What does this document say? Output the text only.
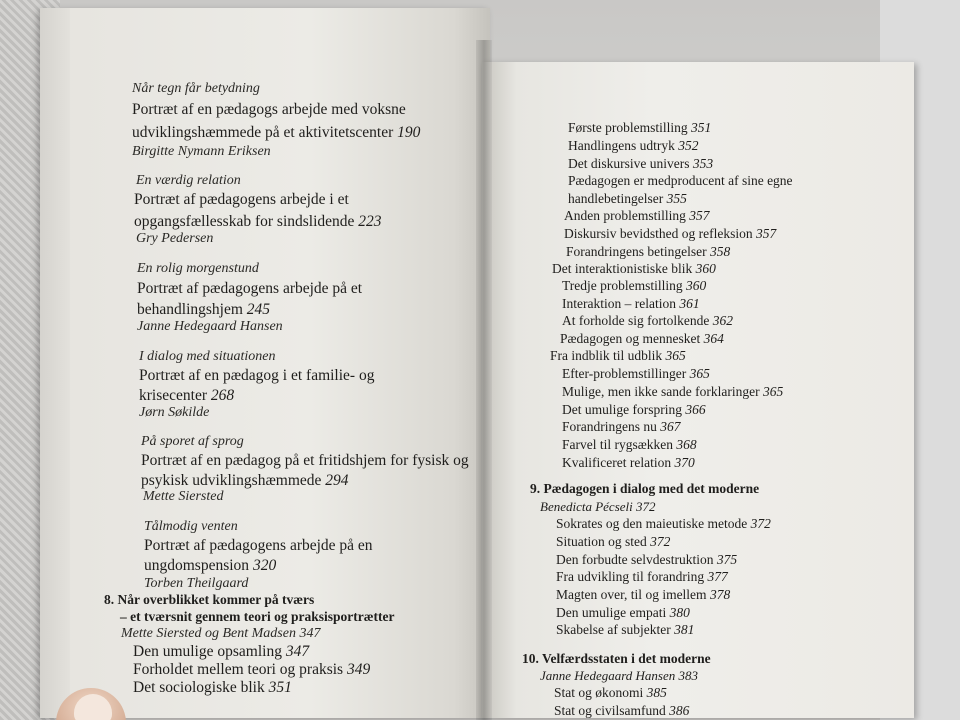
Når tegn får betydning
Portræt af en pædagogs arbejde med voksne
udviklingshæmmede på et aktivitetscenter 190
Birgitte Nymann Eriksen
En værdig relation
Portræt af pædagogens arbejde i et
opgangsfællesskab for sindslidende 223
Gry Pedersen
En rolig morgenstund
Portræt af pædagogens arbejde på et
behandlingshjem 245
Janne Hedegaard Hansen
I dialog med situationen
Portræt af en pædagog i et familie- og
krisecenter 268
Jørn Søkilde
På sporet af sprog
Portræt af en pædagog på et fritidshjem for fysisk og
psykisk udviklingshæmmede 294
Mette Siersted
Tålmodig venten
Portræt af pædagogens arbejde på en
ungdomspension 320
Torben Theilgaard
8. Når overblikket kommer på tværs
– et tværsnit gennem teori og praksisportrætter
Mette Siersted og Bent Madsen 347
Den umulige opsamling 347
Forholdet mellem teori og praksis 349
Det sociologiske blik 351
Første problemstilling 351
Handlingens udtryk 352
Det diskursive univers 353
Pædagogen er medproducent af sine egne
handlebetingelser 355
Anden problemstilling 357
Diskursiv bevidsthed og refleksion 357
Forandringens betingelser 358
Det interaktionistiske blik 360
Tredje problemstilling 360
Interaktion – relation 361
At forholde sig fortolkende 362
Pædagogen og mennesket 364
Fra indblik til udblik 365
Efter-problemstillinger 365
Mulige, men ikke sande forklaringer 365
Det umulige forspring 366
Forandringens nu 367
Farvel til rygsækken 368
Kvalificeret relation 370
9. Pædagogen i dialog med det moderne
Benedicta Pécseli 372
Sokrates og den maieutiske metode 372
Situation og sted 372
Den forbudte selvdestruktion 375
Fra udvikling til forandring 377
Magten over, til og imellem 378
Den umulige empati 380
Skabelse af subjekter 381
10. Velfærdsstaten i det moderne
Janne Hedegaard Hansen 383
Stat og økonomi 385
Stat og civilsamfund 386
